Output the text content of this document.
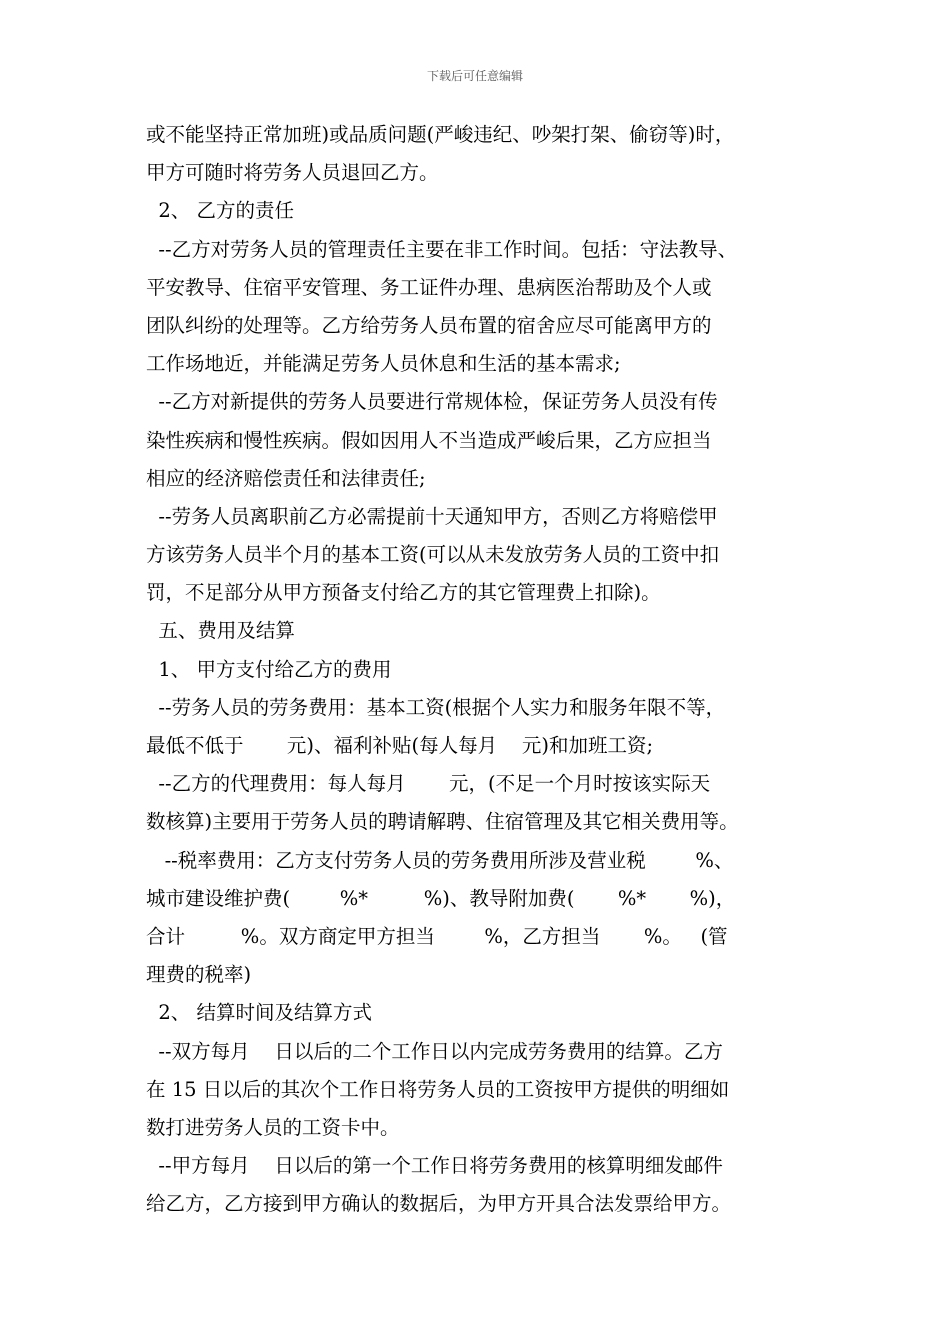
下载后可任意编辑
或不能坚持正常加班)或品质问题(严峻违纪、吵架打架、偷窃等)时，
甲方可随时将劳务人员退回乙方。
2、 乙方的责任
--乙方对劳务人员的管理责任主要在非工作时间。包括：守法教导、
平安教导、住宿平安管理、务工证件办理、患病医治帮助及个人或
团队纠纷的处理等。乙方给劳务人员布置的宿舍应尽可能离甲方的
工作场地近，并能满足劳务人员休息和生活的基本需求;
--乙方对新提供的劳务人员要进行常规体检，保证劳务人员没有传
染性疾病和慢性疾病。假如因用人不当造成严峻后果，乙方应担当
相应的经济赔偿责任和法律责任;
--劳务人员离职前乙方必需提前十天通知甲方，否则乙方将赔偿甲
方该劳务人员半个月的基本工资(可以从未发放劳务人员的工资中扣
罚，不足部分从甲方预备支付给乙方的其它管理费上扣除)。
五、费用及结算
1、 甲方支付给乙方的费用
--劳务人员的劳务费用：基本工资(根据个人实力和服务年限不等，
最低不低于       元)、福利补贴(每人每月    元)和加班工资;
--乙方的代理费用：每人每月       元，(不足一个月时按该实际天
数核算)主要用于劳务人员的聘请解聘、住宿管理及其它相关费用等。
--税率费用：乙方支付劳务人员的劳务费用所涉及营业税        %、
城市建设维护费(        %*         %)、教导附加费(       %*       %)，
合计         %。双方商定甲方担当        %，乙方担当       %。   (管
理费的税率)
2、 结算时间及结算方式
--双方每月    日以后的二个工作日以内完成劳务费用的结算。乙方
在 15 日以后的其次个工作日将劳务人员的工资按甲方提供的明细如
数打进劳务人员的工资卡中。
--甲方每月    日以后的第一个工作日将劳务费用的核算明细发邮件
给乙方，乙方接到甲方确认的数据后，为甲方开具合法发票给甲方。
